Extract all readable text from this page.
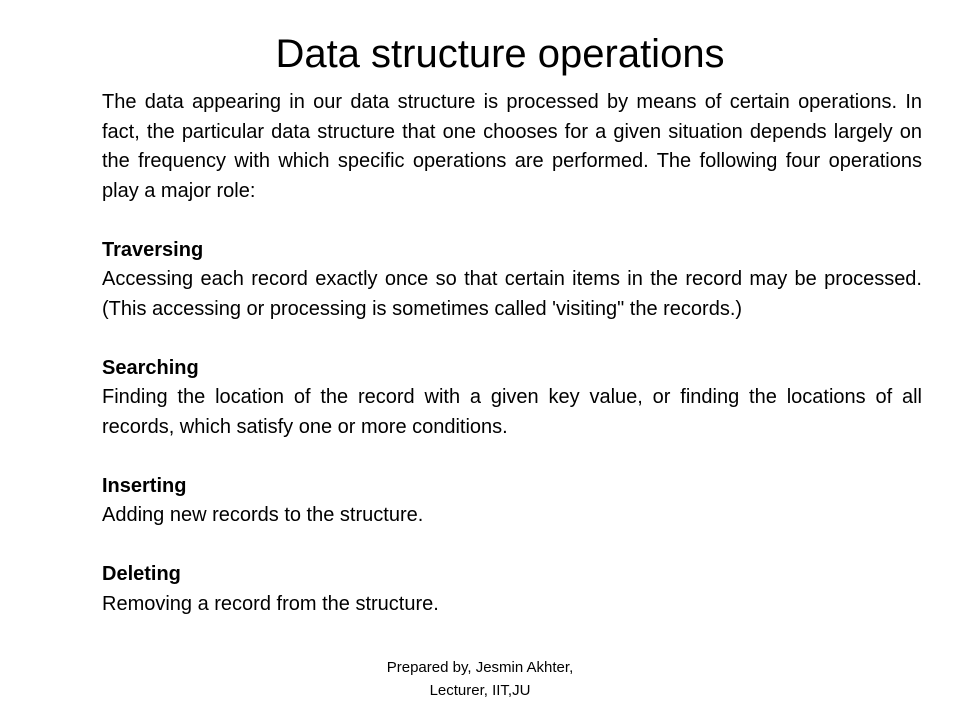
Data structure operations

The data appearing in our data structure is processed by means of certain operations. In fact, the particular data structure that one chooses for a given situation depends largely on the frequency with which specific operations are performed. The following four operations play a major role:

Traversing

Accessing each record exactly once so that certain items in the record may be processed. (This accessing or processing is sometimes called 'visiting" the records.)

Searching

Finding the location of the record with a given key value, or finding the locations of all records, which satisfy one or more conditions.

Inserting

Adding new records to the structure.

Deleting

Removing a record from the structure.

Prepared by, Jesmin Akhter,
Lecturer, IIT,JU
